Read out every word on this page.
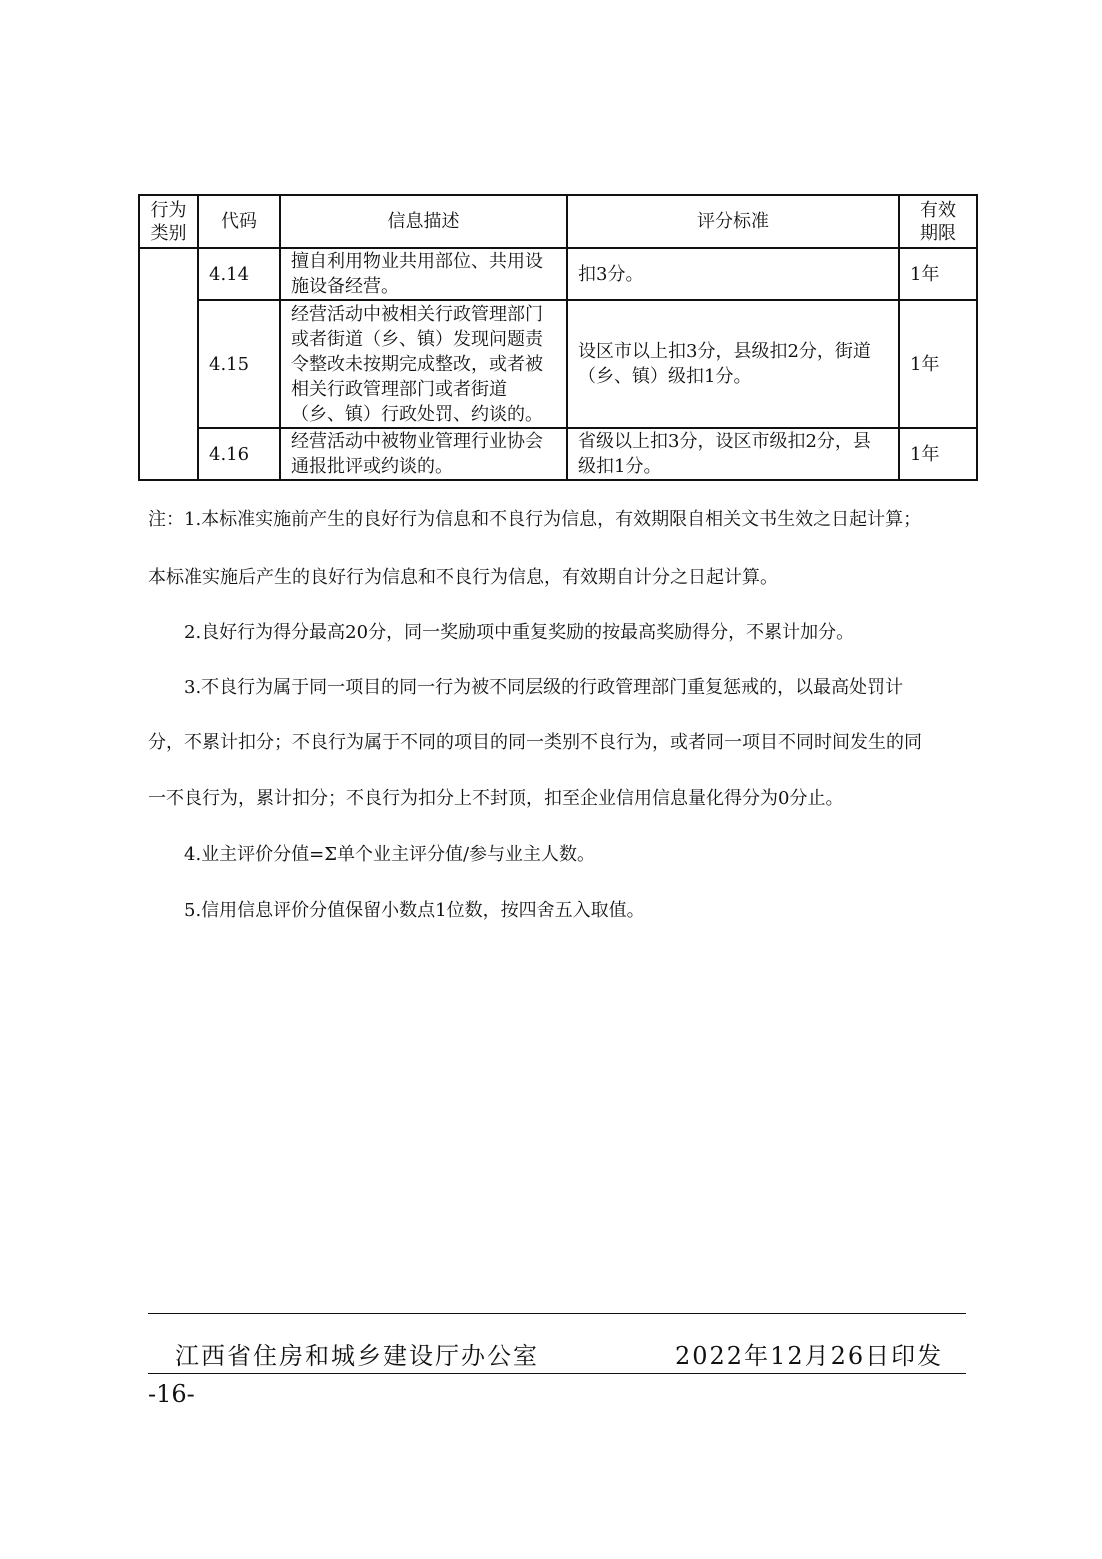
行为
类别	代码	信息描述	评分标准	有效
期限
	4.14	擅自利用物业共用部位、共用设施设备经营。	扣3分。	1年
	4.15	经营活动中被相关行政管理部门或者街道（乡、镇）发现问题责令整改未按期完成整改，或者被相关行政管理部门或者街道（乡、镇）行政处罚、约谈的。	设区市以上扣3分，县级扣2分，街道（乡、镇）级扣1分。	1年
	4.16	经营活动中被物业管理行业协会通报批评或约谈的。	省级以上扣3分，设区市级扣2分，县级扣1分。	1年
注：1.本标准实施前产生的良好行为信息和不良行为信息，有效期限自相关文书生效之日起计算；
本标准实施后产生的良好行为信息和不良行为信息，有效期自计分之日起计算。
2.良好行为得分最高20分，同一奖励项中重复奖励的按最高奖励得分，不累计加分。
3.不良行为属于同一项目的同一行为被不同层级的行政管理部门重复惩戒的，以最高处罚计
分，不累计扣分；不良行为属于不同的项目的同一类别不良行为，或者同一项目不同时间发生的同
一不良行为，累计扣分；不良行为扣分上不封顶，扣至企业信用信息量化得分为0分止。
4.业主评价分值=Σ单个业主评分值/参与业主人数。
5.信用信息评价分值保留小数点1位数，按四舍五入取值。
江西省住房和城乡建设厅办公室	2022年12月26日印发
-16-
